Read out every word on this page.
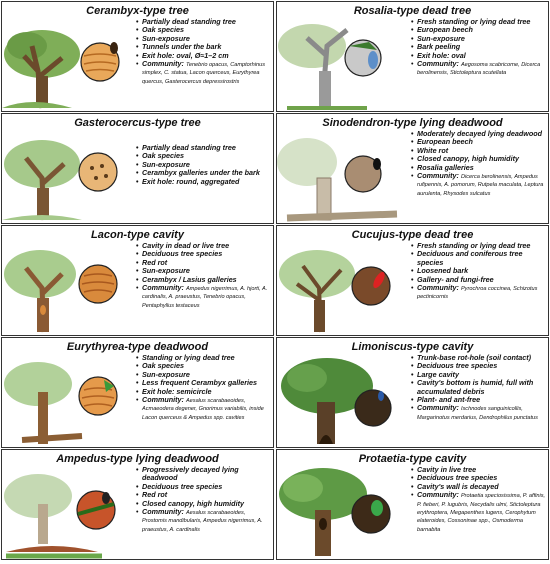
Cerambyx-type tree
• Partially dead standing tree
• Oak species
• Sun-exposure
• Tunnels under the bark
• Exit hole: oval, Ø≈1–2 cm
• Community: Tenebrio opacus, Camptorhinus simplex, C. statua, Lacon querceus, Eurythyrea quercus, Gasterocercus depressirostris
Rosalia-type dead tree
• Fresh standing or lying dead tree
• European beech
• Sun-exposure
• Bark peeling
• Exit hole: oval
• Community: Aegosoma scabricorne, Dicerca berolinensis, Stictoleptura scutellata
Gasterocercus-type tree
• Partially dead standing tree
• Oak species
• Sun-exposure
• Cerambyx galleries under the bark
• Exit hole: round, aggregated
Sinodendron-type lying deadwood
• Moderately decayed lying deadwood
• European beech
• White rot
• Closed canopy, high humidity
• Rosalia galleries
• Community: Dicerca berolinensis, Ampedus rufipennis, A. pomorum, Rutpela maculata, Leptura aurulenta, Rhysodes sulcatus
Lacon-type cavity
• Cavity in dead or live tree
• Deciduous tree species
• Red rot
• Sun-exposure
• Cerambyx / Lasius galleries
• Community: Ampedus nigerrimus, A. hjorti, A. cardinalis, A. praeustus, Tenebrio opacus, Pentaphyllus testaceus
Cucujus-type dead tree
• Fresh standing or lying dead tree
• Deciduous and coniferous tree species
• Loosened bark
• Gallery- and fungi-free
• Community: Pyrochroa coccinea, Schizotus pectinicornis
Eurythyrea-type deadwood
• Standing or lying dead tree
• Oak species
• Sun-exposure
• Less frequent Cerambyx galleries
• Exit hole: semicircle
• Community: Aesalus scarabaeoides, Acmaeodera degener, Gnorimus variabilis, inside Lacon querceus & Ampedus spp. cavities
Limoniscus-type cavity
• Trunk-base rot-hole (soil contact)
• Deciduous tree species
• Large cavity
• Cavity's bottom is humid, full with accumulated debris
• Plant- and ant-free
• Community: Ischnodes sanguinicollis, Margarinotus merdarius, Dendrophilus punctatus
Ampedus-type lying deadwood
• Progressively decayed lying deadwood
• Deciduous tree species
• Red rot
• Closed canopy, high humidity
• Community: Aesalus scarabaeoides, Prostomis mandibularis, Ampedus nigerrimus, A. praeustus, A. cardinalis
Protaetia-type cavity
• Cavity in live tree
• Deciduous tree species
• Cavity's wall is decayed
• Community: Protaetia speciosissima, P. affinis, P. fieberi, P. lugubris, Necydalis ulmi, Stictoleptura erythroptera, Megapenthes lugens, Cerophytum elateroides, Cossoninae spp., Osmoderma barnabita
